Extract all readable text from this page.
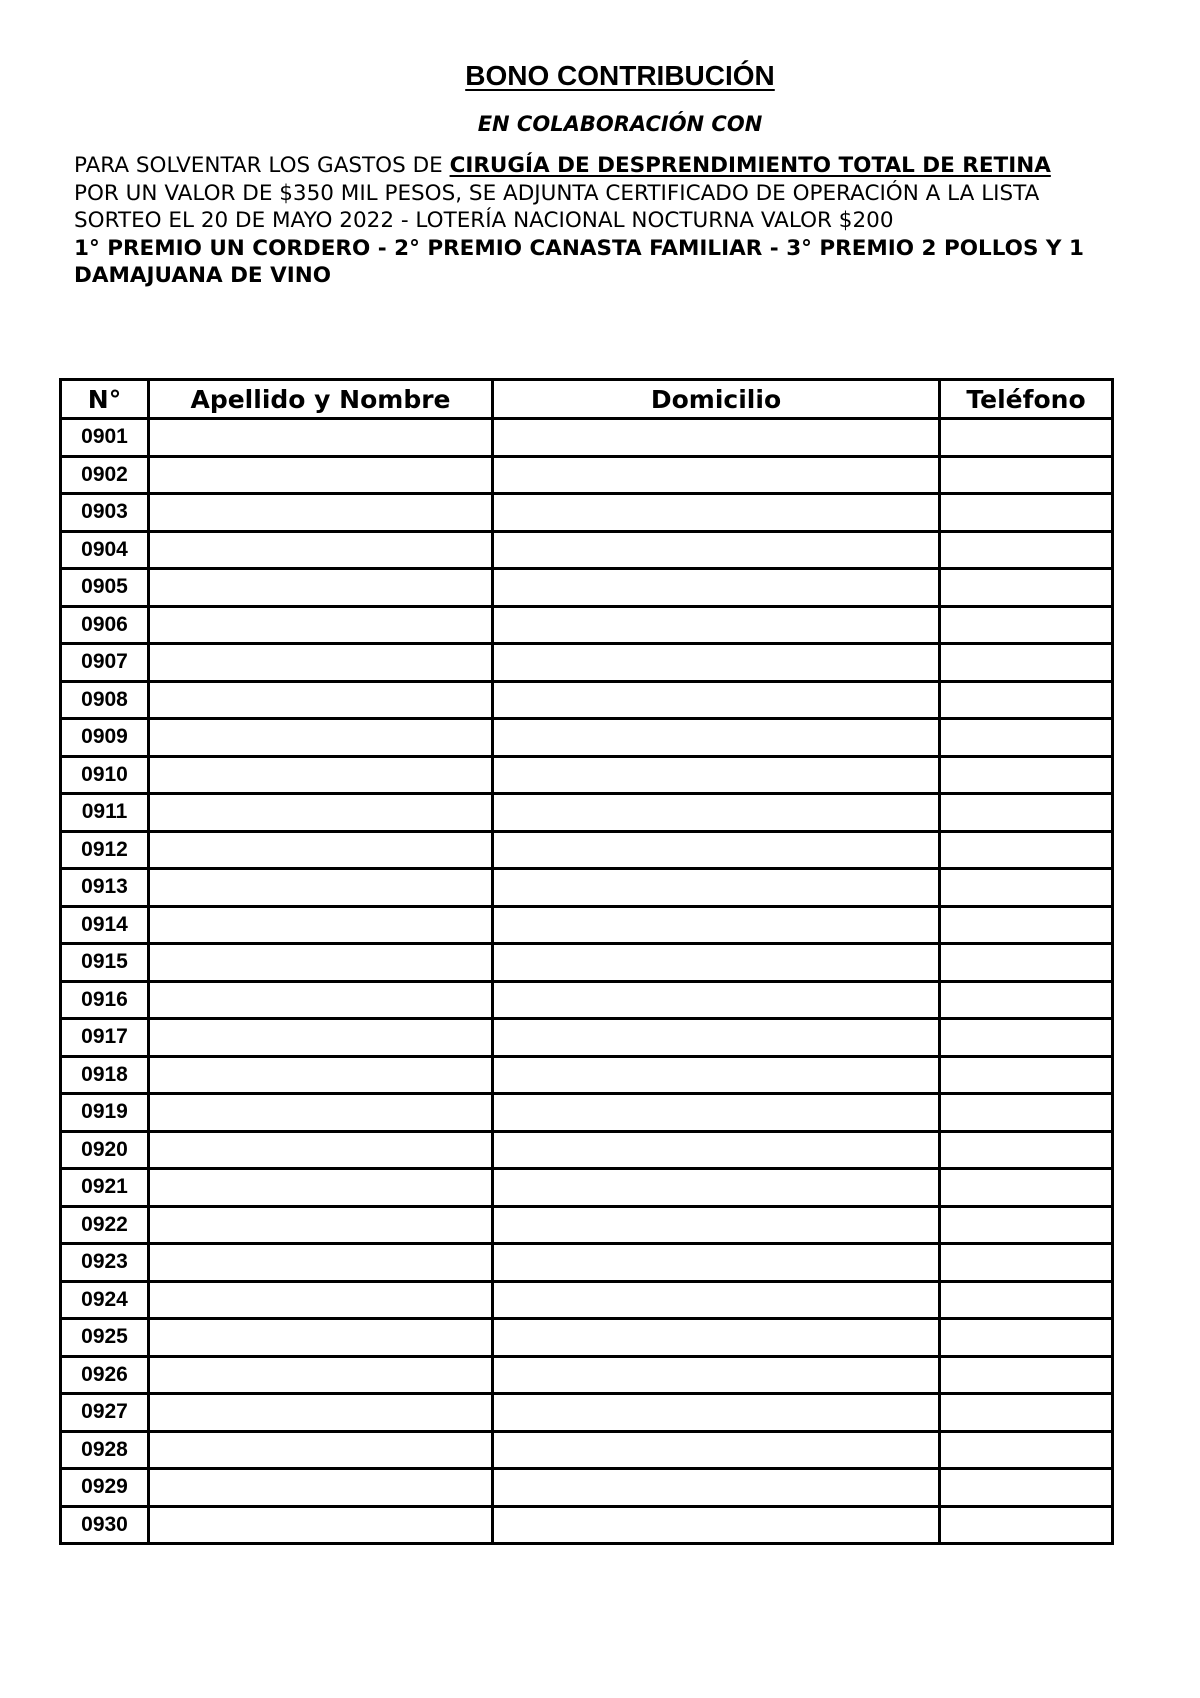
BONO CONTRIBUCIÓN
EN COLABORACIÓN CON

PARA SOLVENTAR LOS GASTOS DE CIRUGÍA DE DESPRENDIMIENTO TOTAL DE RETINA

POR UN VALOR DE $350 MIL PESOS, SE ADJUNTA CERTIFICADO DE OPERACIÓN A LA LISTA

SORTEO EL 20 DE MAYO 2022 - LOTERÍA NACIONAL NOCTURNA VALOR $200

1° PREMIO UN CORDERO - 2° PREMIO CANASTA FAMILIAR - 3° PREMIO 2 POLLOS Y 1 DAMAJUANA DE VINO

N°	Apellido y Nombre	Domicilio	Teléfono
0901			
0902			
0903			
0904			
0905			
0906			
0907			
0908			
0909			
0910			
0911			
0912			
0913			
0914			
0915			
0916			
0917			
0918			
0919			
0920			
0921			
0922			
0923			
0924			
0925			
0926			
0927			
0928			
0929			
0930			
